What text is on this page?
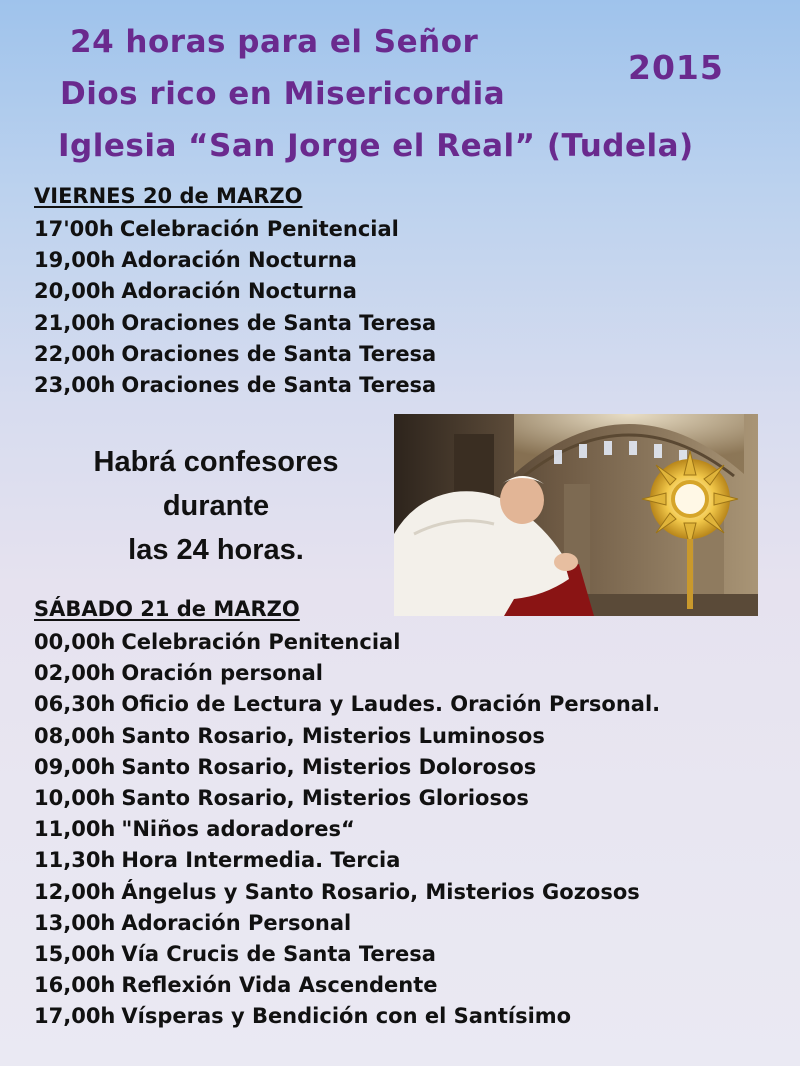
24 horas para el Señor
Dios rico en Misericordia
Iglesia “San Jorge el Real” (Tudela)
2015
VIERNES 20 de MARZO
17'00h Celebración Penitencial
19,00h Adoración Nocturna
20,00h Adoración Nocturna
21,00h Oraciones de Santa Teresa
22,00h Oraciones de Santa Teresa
23,00h Oraciones de Santa Teresa

Habrá confesores
durante
las 24 horas.

SÁBADO 21 de MARZO
00,00h Celebración Penitencial
02,00h Oración personal
06,30h Oficio de Lectura y Laudes. Oración Personal.
08,00h Santo Rosario, Misterios Luminosos
09,00h Santo Rosario, Misterios Dolorosos
10,00h Santo Rosario, Misterios Gloriosos
11,00h "Niños adoradores“
11,30h Hora Intermedia. Tercia
12,00h Ángelus y Santo Rosario, Misterios Gozosos
13,00h Adoración Personal
15,00h Vía Crucis de Santa Teresa
16,00h Reflexión Vida Ascendente
17,00h Vísperas y Bendición con el Santísimo
